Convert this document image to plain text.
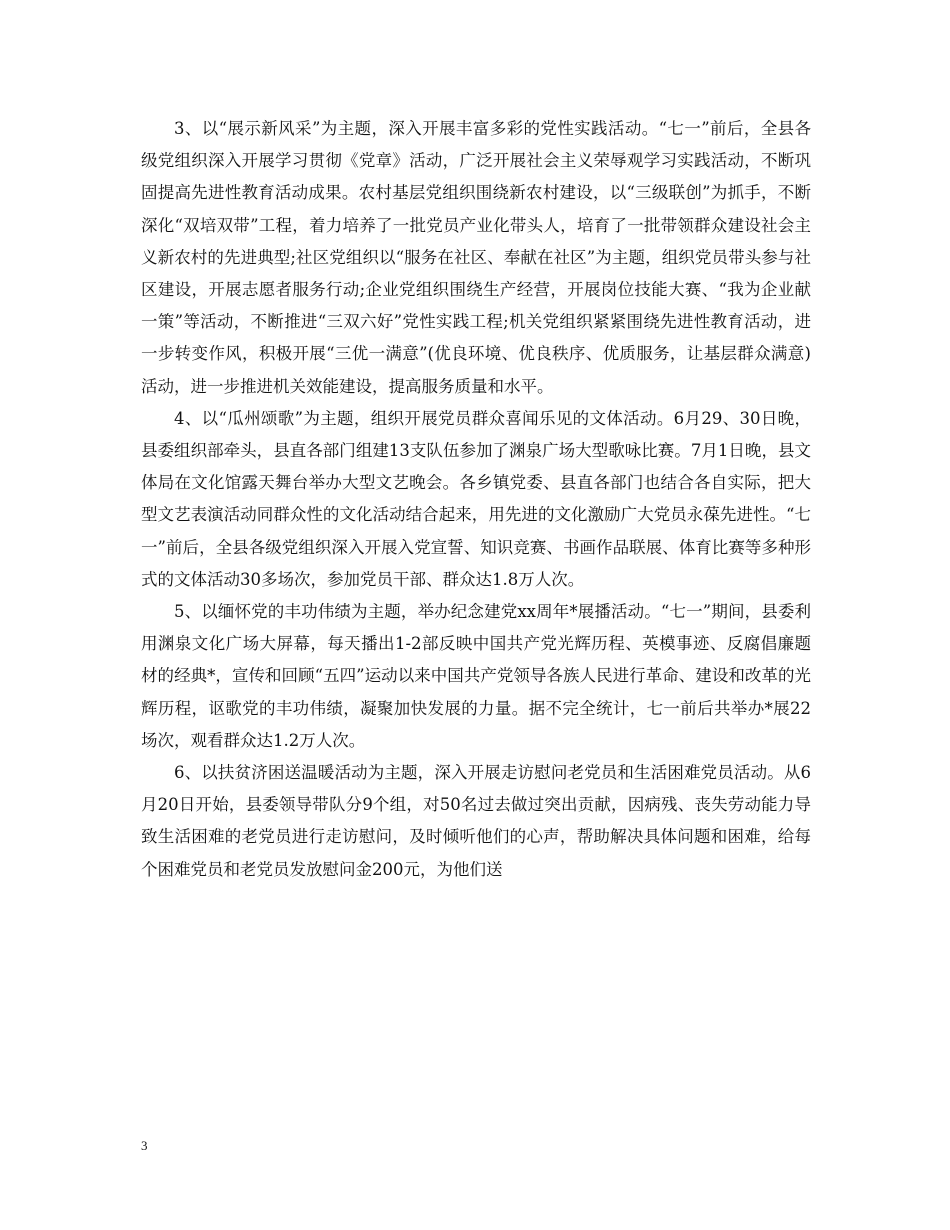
3、以“展示新风采”为主题，深入开展丰富多彩的党性实践活动。“七一”前后，全县各级党组织深入开展学习贯彻《党章》活动，广泛开展社会主义荣辱观学习实践活动，不断巩固提高先进性教育活动成果。农村基层党组织围绕新农村建设，以“三级联创”为抓手，不断深化“双培双带”工程，着力培养了一批党员产业化带头人，培育了一批带领群众建设社会主义新农村的先进典型;社区党组织以“服务在社区、奉献在社区”为主题，组织党员带头参与社区建设，开展志愿者服务行动;企业党组织围绕生产经营，开展岗位技能大赛、“我为企业献一策”等活动，不断推进“三双六好”党性实践工程;机关党组织紧紧围绕先进性教育活动，进一步转变作风，积极开展“三优一满意”(优良环境、优良秩序、优质服务，让基层群众满意)活动，进一步推进机关效能建设，提高服务质量和水平。

4、以“瓜州颂歌”为主题，组织开展党员群众喜闻乐见的文体活动。6月29、30日晚，县委组织部牵头，县直各部门组建13支队伍参加了渊泉广场大型歌咏比赛。7月1日晚，县文体局在文化馆露天舞台举办大型文艺晚会。各乡镇党委、县直各部门也结合各自实际，把大型文艺表演活动同群众性的文化活动结合起来，用先进的文化激励广大党员永葆先进性。“七一”前后，全县各级党组织深入开展入党宣誓、知识竞赛、书画作品联展、体育比赛等多种形式的文体活动30多场次，参加党员干部、群众达1.8万人次。

5、以缅怀党的丰功伟绩为主题，举办纪念建党xx周年*展播活动。“七一”期间，县委利用渊泉文化广场大屏幕，每天播出1-2部反映中国共产党光辉历程、英模事迹、反腐倡廉题材的经典*，宣传和回顾“五四”运动以来中国共产党领导各族人民进行革命、建设和改革的光辉历程，讴歌党的丰功伟绩，凝聚加快发展的力量。据不完全统计，七一前后共举办*展22场次，观看群众达1.2万人次。

6、以扶贫济困送温暖活动为主题，深入开展走访慰问老党员和生活困难党员活动。从6月20日开始，县委领导带队分9个组，对50名过去做过突出贡献，因病残、丧失劳动能力导致生活困难的老党员进行走访慰问，及时倾听他们的心声，帮助解决具体问题和困难，给每个困难党员和老党员发放慰问金200元，为他们送

3
